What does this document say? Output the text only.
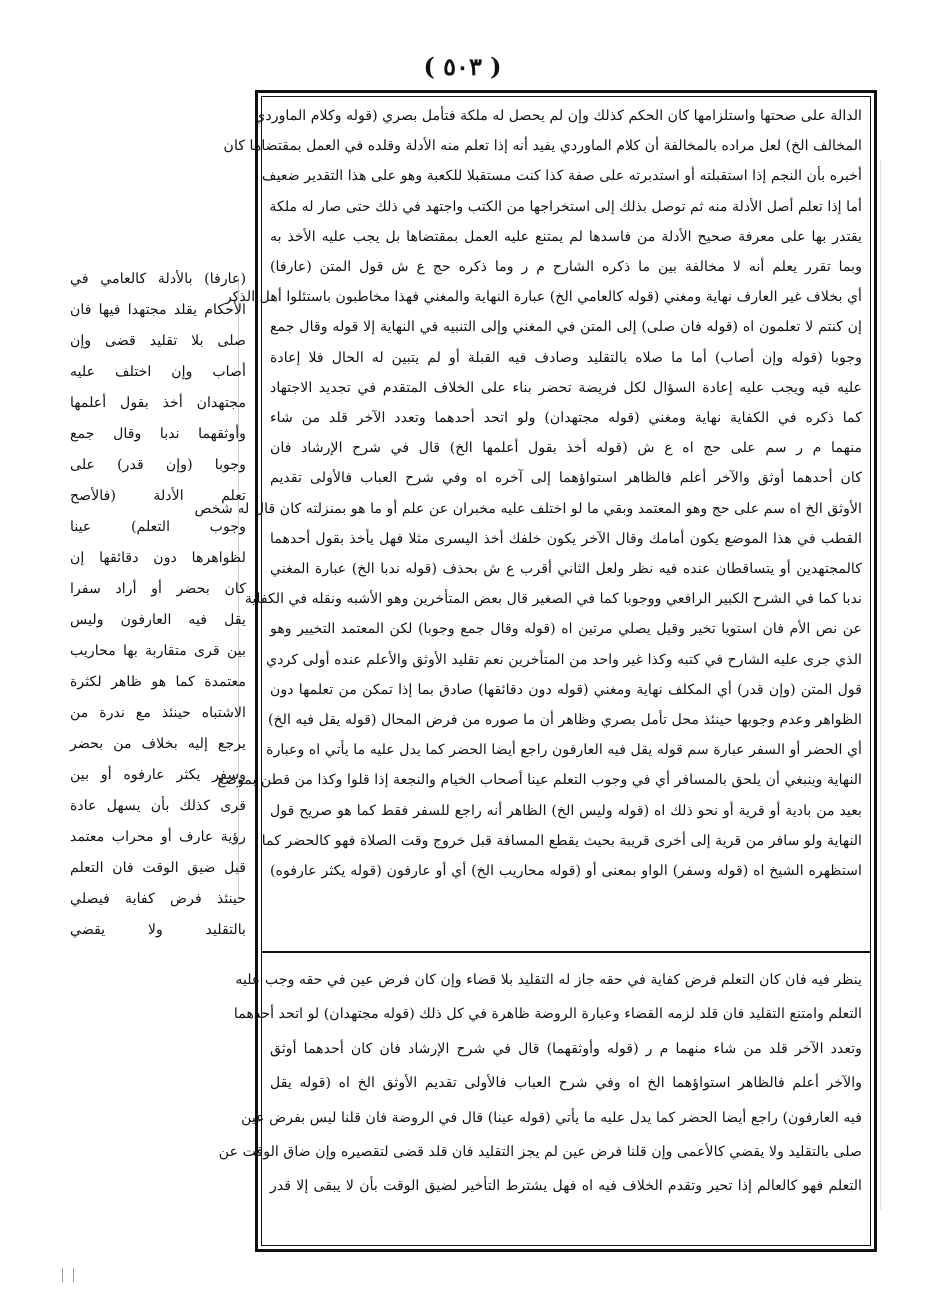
( ٥٠٣ )
الدالة على صحتها واستلزامها كان الحكم كذلك وإن لم يحصل له ملكة فتأمل بصري (قوله وكلام الماوردي
المخالف الخ) لعل مراده بالمخالفة أن كلام الماوردي يفيد أنه إذا تعلم منه الأدلة وقلده في العمل بمقتضاها كان
أخبره بأن النجم إذا استقبلته أو استدبرته على صفة كذا كنت مستقبلا للكعبة وهو على هذا التقدير ضعيف
أما إذا تعلم أصل الأدلة منه ثم توصل بذلك إلى استخراجها من الكتب واجتهد في ذلك حتى صار له ملكة
يقتدر بها على معرفة صحيح الأدلة من فاسدها لم يمتنع عليه العمل بمقتضاها بل يجب عليه الأخذ به
وبما تقرر يعلم أنه لا مخالفة بين ما ذكره الشارح م ر وما ذكره حج ع ش قول المتن (عارفا)
أي بخلاف غير العارف نهاية ومغني (قوله كالعامي الخ) عبارة النهاية والمغني فهذا مخاطبون باستئلوا أهل الذكر
إن كنتم لا تعلمون اه (قوله فان صلى) إلى المتن في المغني وإلى التنبيه في النهاية إلا قوله وقال جمع
وجوبا (قوله وإن أصاب) أما ما صلاه بالتقليد وصادف فيه القبلة أو لم يتبين له الحال فلا إعادة
عليه فيه ويجب عليه إعادة السؤال لكل فريضة تحضر بناء على الخلاف المتقدم في تجديد الاجتهاد
كما ذكره في الكفاية نهاية ومغني (قوله مجتهدان) ولو اتحد أحدهما وتعدد الآخر قلد من شاء
منهما م ر سم على حج اه ع ش (قوله أخذ بقول أعلمها الخ) قال في شرح الإرشاد فان
كان أحدهما أوثق والآخر أعلم فالظاهر استواؤهما إلى آخره اه وفي شرح العباب فالأولى تقديم
الأوثق الخ اه سم على حج وهو المعتمد وبقي ما لو اختلف عليه مخبران عن علم أو ما هو بمنزلته كان قال له شخص
القطب في هذا الموضع يكون أمامك وقال الآخر يكون خلفك أخذ اليسرى مثلا فهل يأخذ بقول أحدهما
كالمجتهدين أو يتساقطان عنده فيه نظر ولعل الثاني أقرب ع ش بحذف (قوله ندبا الخ) عبارة المغني
ندبا كما في الشرح الكبير الرافعي ووجوبا كما في الصغير قال بعض المتأخرين وهو الأشبه ونقله في الكفاية
عن نص الأم فان استويا تخير وقيل يصلي مرتين اه (قوله وقال جمع وجوبا) لكن المعتمد التخيير وهو
الذي جرى عليه الشارح في كتبه وكذا غير واحد من المتأخرين نعم تقليد الأوثق والأعلم عنده أولى كردي
قول المتن (وإن قدر) أي المكلف نهاية ومغني (قوله دون دقائقها) صادق بما إذا تمكن من تعلمها دون
الظواهر وعدم وجوبها حينئذ محل تأمل بصري وظاهر أن ما صوره من فرض المحال (قوله يقل فيه الخ)
أي الحضر أو السفر عبارة سم قوله يقل فيه العارفون راجع أيضا الحضر كما يدل عليه ما يأتي اه وعبارة
النهاية وينبغي أن يلحق بالمسافر أي في وجوب التعلم عينا أصحاب الخيام والنجعة إذا قلوا وكذا من قطن بموضع
بعيد من بادية أو قرية أو نحو ذلك اه (قوله وليس الخ) الظاهر أنه راجع للسفر فقط كما هو صريح قول
النهاية ولو سافر من قرية إلى أخرى قريبة بحيث يقطع المسافة قبل خروج وقت الصلاة فهو كالحضر كما
استظهره الشيخ اه (قوله وسفر) الواو بمعنى أو (قوله محاريب الخ) أي أو عارفون (قوله يكثر عارفوه)
ينظر فيه فان كان التعلم فرض كفاية في حقه جاز له التقليد بلا قضاء وإن كان فرض عين في حقه وجب عليه
التعلم وامتنع التقليد فان قلد لزمه القضاء وعبارة الروضة ظاهرة في كل ذلك (قوله مجتهدان) لو اتحد أحدهما
وتعدد الآخر قلد من شاء منهما م ر (قوله وأوثقهما) قال في شرح الإرشاد فان كان أحدهما أوثق
والآخر أعلم فالظاهر استواؤهما الخ اه وفي شرح العباب فالأولى تقديم الأوثق الخ اه (قوله يقل
فيه العارفون) راجع أيضا الحضر كما يدل عليه ما يأتي (قوله عينا) قال في الروضة فان قلنا ليس بفرض عين
صلى بالتقليد ولا يقضي كالأعمى وإن قلنا فرض عين لم يجز التقليد فان قلد قضى لتقصيره وإن ضاق الوقت عن
التعلم فهو كالعالم إذا تحير وتقدم الخلاف فيه اه فهل يشترط التأخير لضيق الوقت بأن لا يبقى إلا قدر
(عارفا) بالأدلة كالعامي في
الأحكام يقلد مجتهدا فيها فان
صلى بلا تقليد قضى وإن
أصاب وإن اختلف عليه
مجتهدان أخذ بقول أعلمها
وأوثقهما ندبا وقال جمع
وجوبا (وإن قدر) على
تعلم الأدلة (فالأصح
وجوب التعلم) عينا
لظواهرها دون دقائقها إن
كان بحضر أو أراد سفرا
يقل فيه العارفون وليس
بين قرى متقاربة بها محاريب
معتمدة كما هو ظاهر لكثرة
الاشتباه حينئذ مع ندرة من
يرجع إليه بخلاف من بحضر
وسفر يكثر عارفوه أو بين
قرى كذلك بأن يسهل عادة
رؤية عارف أو محراب معتمد
قبل ضيق الوقت فان التعلم
حينئذ فرض كفاية فيصلي
بالتقليد ولا يقضي
